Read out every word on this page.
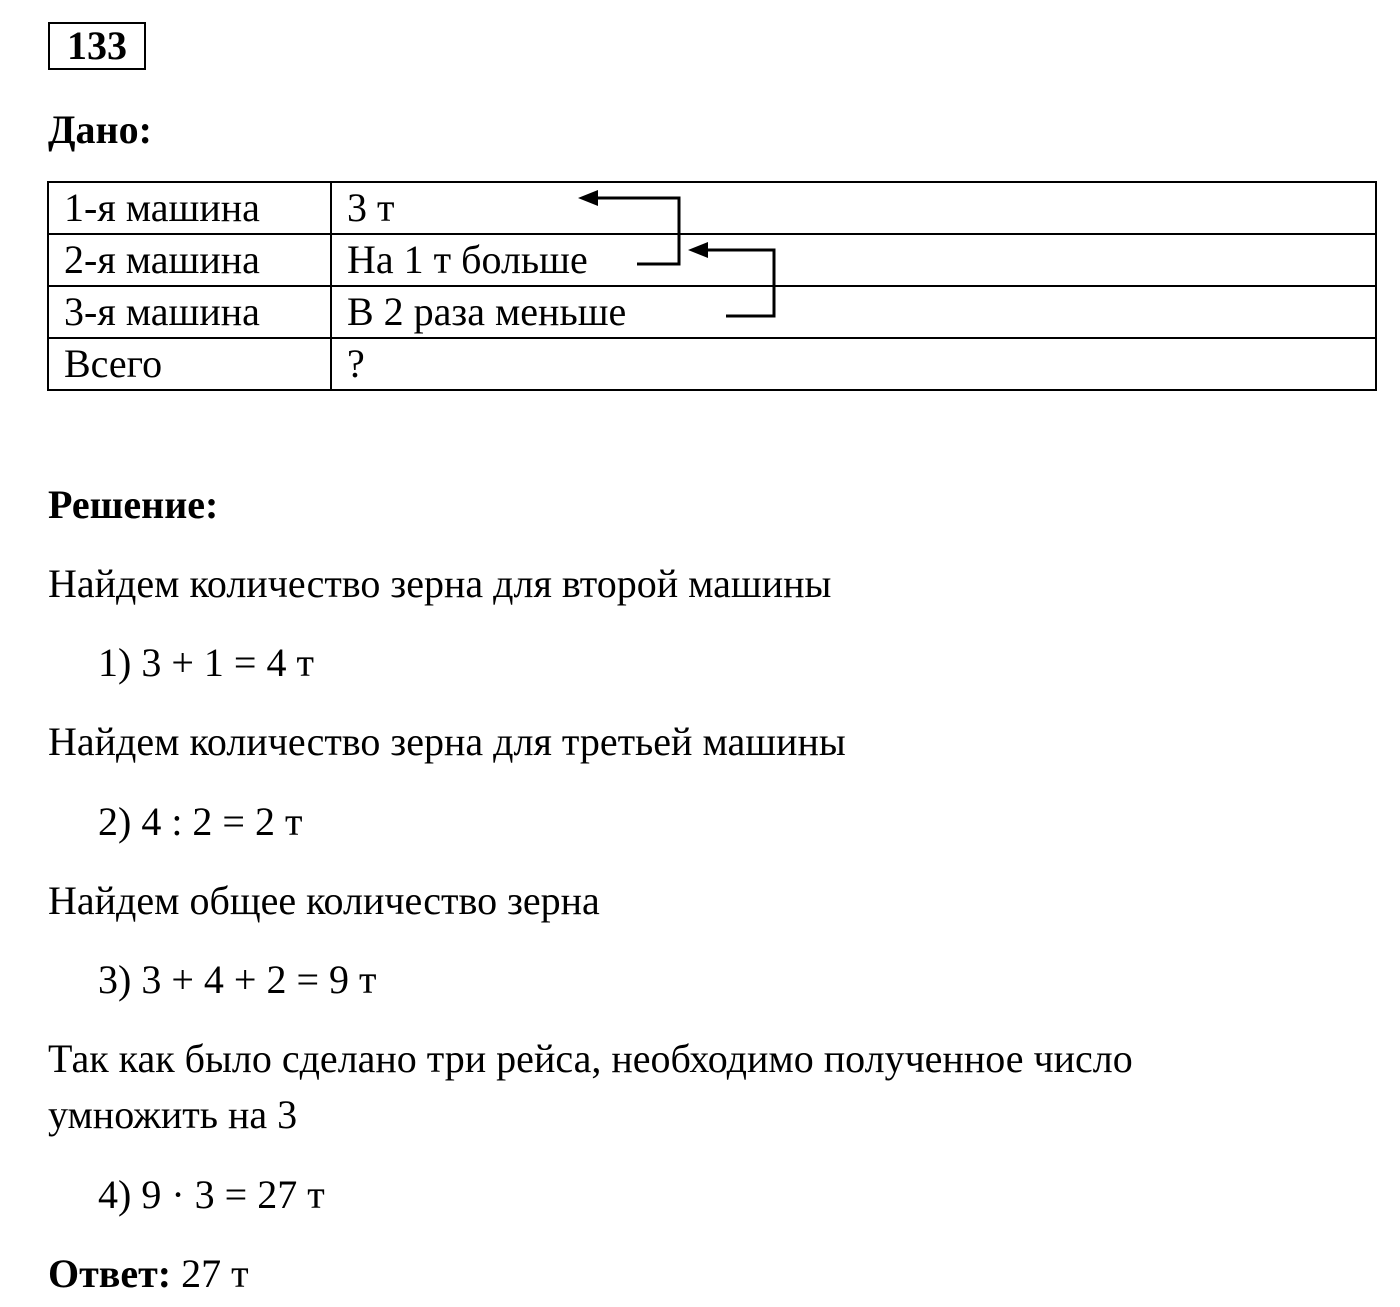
133
Дано:
1-я машина	3 т
2-я машина	На 1 т больше
3-я машина	В 2 раза меньше
Всего	?
Решение:
Найдем количество зерна для второй машины
1) 3 + 1 = 4 т
Найдем количество зерна для третьей машины
2) 4 : 2 = 2 т
Найдем общее количество зерна
3) 3 + 4 + 2 = 9 т
Так как было сделано три рейса, необходимо полученное число
умножить на 3
4) 9 · 3 = 27 т
Ответ: 27 т
